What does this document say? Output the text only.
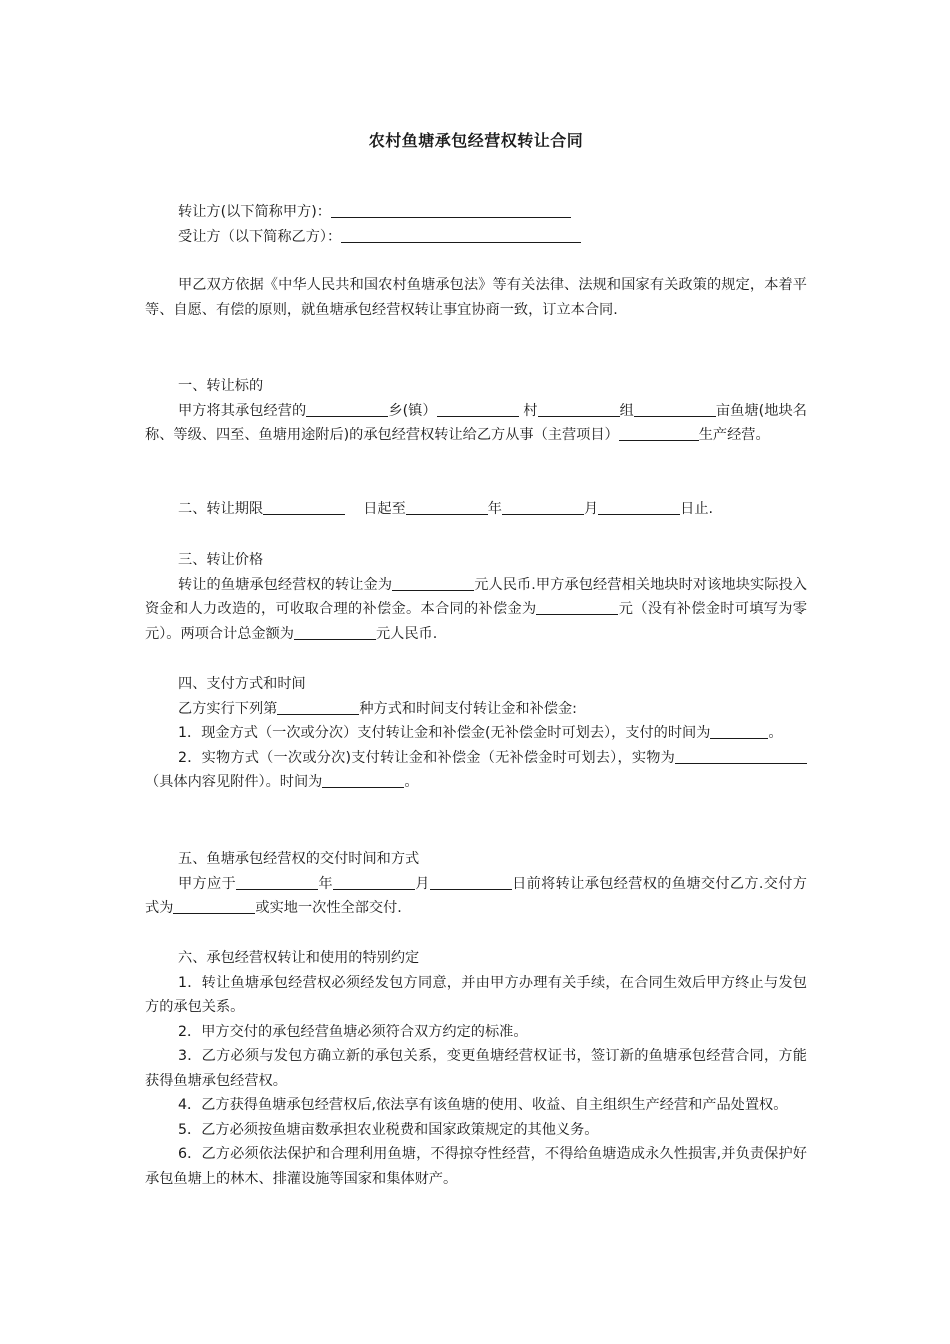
农村鱼塘承包经营权转让合同

转让方(以下简称甲方)：

受让方（以下简称乙方）：

甲乙双方依据《中华人民共和国农村鱼塘承包法》等有关法律、法规和国家有关政策的规定，本着平等、自愿、有偿的原则，就鱼塘承包经营权转让事宜协商一致，订立本合同.

一、转让标的

甲方将其承包经营的	乡(镇）	村	组	亩鱼塘(地块名称、等级、四至、鱼塘用途附后)的承包经营权转让给乙方从事（主营项目）	生产经营。

二、转让期限	日起至	年	月	日止.

三、转让价格

转让的鱼塘承包经营权的转让金为	元人民币.甲方承包经营相关地块时对该地块实际投入资金和人力改造的，可收取合理的补偿金。本合同的补偿金为	元（没有补偿金时可填写为零元）。两项合计总金额为	元人民币.

四、支付方式和时间

乙方实行下列第	种方式和时间支付转让金和补偿金:

1．现金方式（一次或分次）支付转让金和补偿金(无补偿金时可划去），支付的时间为	。

2．实物方式（一次或分次)支付转让金和补偿金（无补偿金时可划去），实物为（具体内容见附件）。时间为	。

五、鱼塘承包经营权的交付时间和方式

甲方应于	年	月	日前将转让承包经营权的鱼塘交付乙方.交付方式为	或实地一次性全部交付.

六、承包经营权转让和使用的特别约定

1．转让鱼塘承包经营权必须经发包方同意，并由甲方办理有关手续，在合同生效后甲方终止与发包方的承包关系。

2．甲方交付的承包经营鱼塘必须符合双方约定的标准。

3．乙方必须与发包方确立新的承包关系，变更鱼塘经营权证书，签订新的鱼塘承包经营合同，方能获得鱼塘承包经营权。

4．乙方获得鱼塘承包经营权后,依法享有该鱼塘的使用、收益、自主组织生产经营和产品处置权。

5．乙方必须按鱼塘亩数承担农业税费和国家政策规定的其他义务。

6．乙方必须依法保护和合理利用鱼塘，不得掠夺性经营，不得给鱼塘造成永久性损害,并负责保护好承包鱼塘上的林木、排灌设施等国家和集体财产。
